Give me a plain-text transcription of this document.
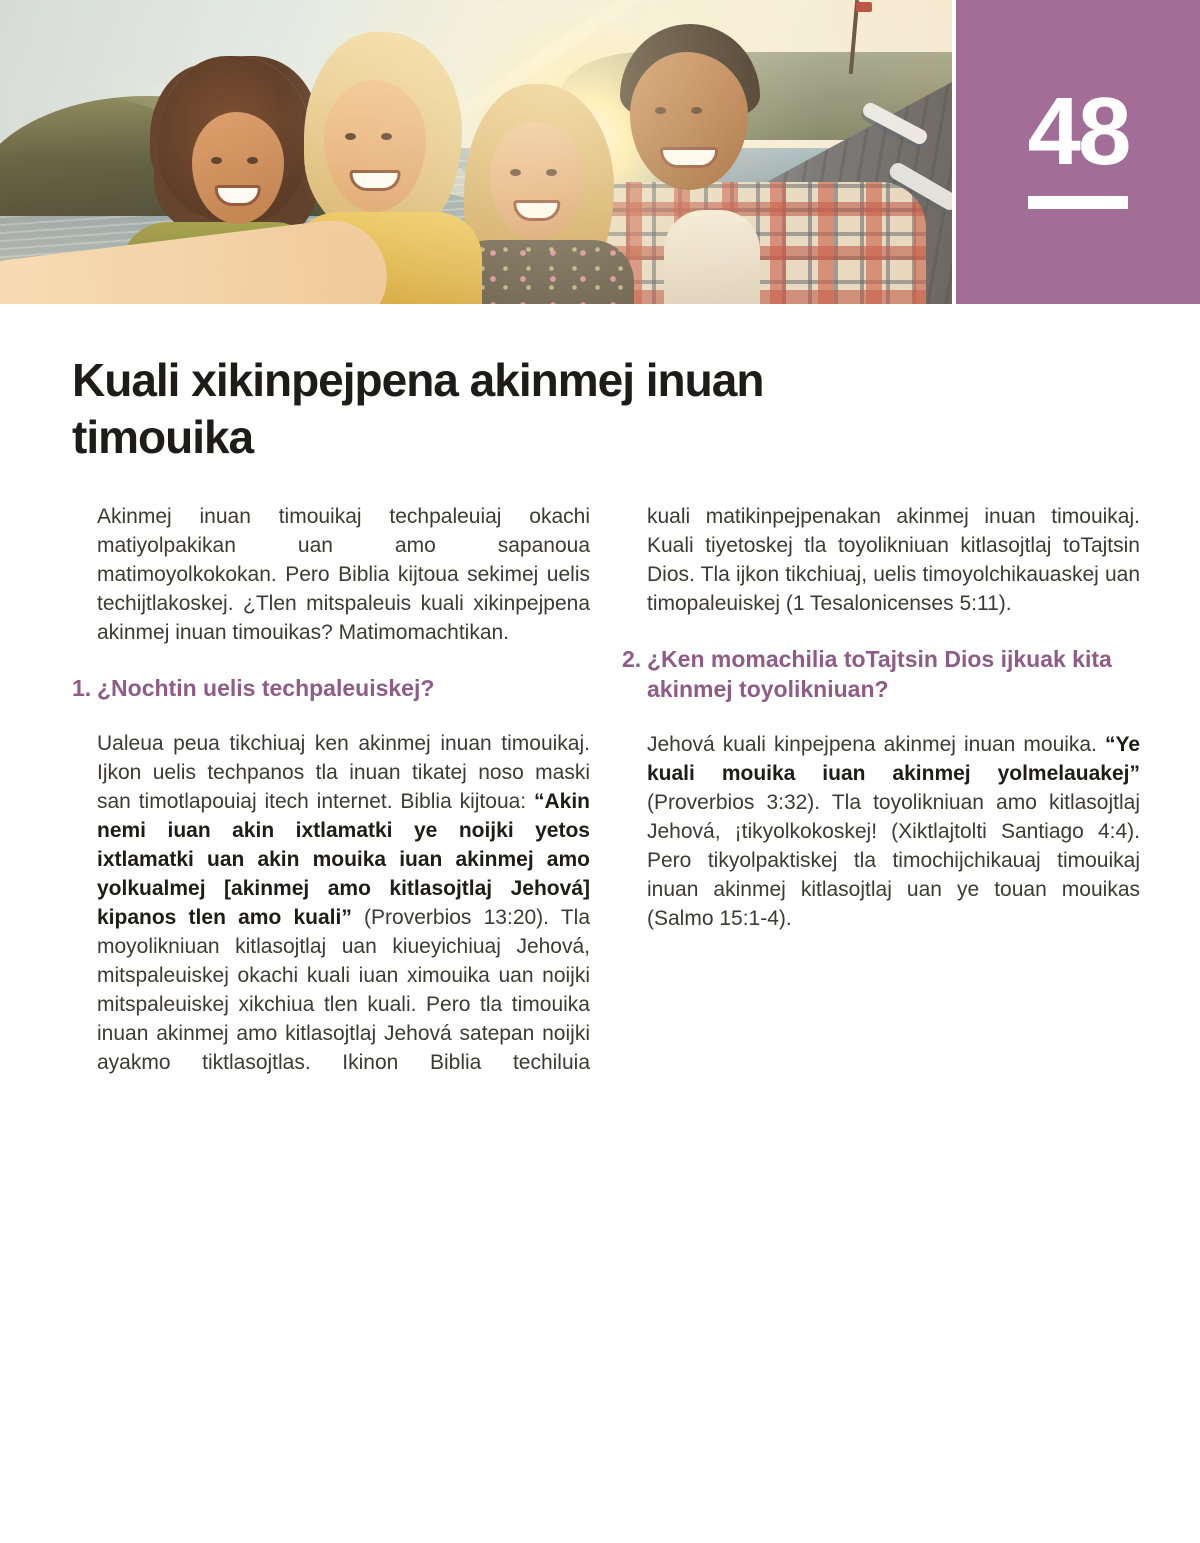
48
Kuali xikinpejpena akinmej inuan timouika

Akinmej inuan timouikaj techpaleuiaj okachi matiyolpakikan uan amo sapanoua matimoyolkokokan. Pero Biblia kijtoua sekimej uelis techijtlakoskej. ¿Tlen mitspaleuis kuali xikinpejpena akinmej inuan timouikas? Matimomachtikan.

1. ¿Nochtin uelis techpaleuiskej?

Ualeua peua tikchiuaj ken akinmej inuan timouikaj. Ijkon uelis techpanos tla inuan tikatej noso maski san timotlapouiaj itech internet. Biblia kijtoua: “Akin nemi iuan akin ixtlamatki ye noijki yetos ixtlamatki uan akin mouika iuan akinmej amo yolkualmej [akinmej amo kitlasojtlaj Jehová] kipanos tlen amo kuali” (Proverbios 13:20). Tla moyolikniuan kitlasojtlaj uan kiueyichiuaj Jehová, mitspaleuiskej okachi kuali iuan ximouika uan noijki mitspaleuiskej xikchiua tlen kuali. Pero tla timouika inuan akinmej amo kitlasojtlaj Jehová satepan noijki ayakmo tiktlasojtlas. Ikinon Biblia techiluia

kuali matikinpejpenakan akinmej inuan timouikaj. Kuali tiyetoskej tla toyolikniuan kitlasojtlaj toTajtsin Dios. Tla ijkon tikchiuaj, uelis timoyolchikauaskej uan timopaleuiskej (1 Tesalonicenses 5:11).

2. ¿Ken momachilia toTajtsin Dios ijkuak kita akinmej toyolikniuan?

Jehová kuali kinpejpena akinmej inuan mouika. “Ye kuali mouika iuan akinmej yolmelauakej” (Proverbios 3:32). Tla toyolikniuan amo kitlasojtlaj Jehová, ¡tikyolkokoskej! (Xiktlajtolti Santiago 4:4). Pero tikyolpaktiskej tla timochijchikauaj timouikaj inuan akinmej kitlasojtlaj uan ye touan mouikas (Salmo 15:1-4).
